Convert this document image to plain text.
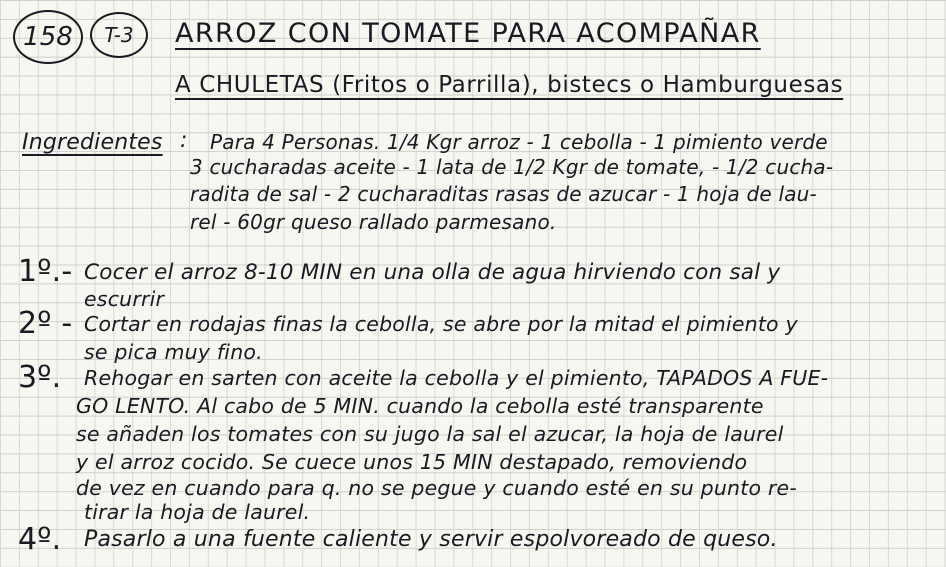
158 T-3 ARROZ CON TOMATE PARA ACOMPAÑAR
A CHULETAS (Fritos o Parrilla), bistecs o Hamburguesas
Ingredientes : Para 4 Personas. 1/4 Kgr arroz - 1 cebolla - 1 pimiento verde
3 cucharadas aceite - 1 lata de 1/2 Kgr de tomate, - 1/2 cucha-
radita de sal - 2 cucharaditas rasas de azucar - 1 hoja de lau-
rel - 60gr queso rallado parmesano.
1º.- Cocer el arroz 8-10 MIN en una olla de agua hirviendo con sal y
escurrir
2º - Cortar en rodajas finas la cebolla, se abre por la mitad el pimiento y
se pica muy fino.
3º. Rehogar en sarten con aceite la cebolla y el pimiento, TAPADOS A FUE-
GO LENTO. Al cabo de 5 MIN. cuando la cebolla esté transparente
se añaden los tomates con su jugo la sal el azucar, la hoja de laurel
y el arroz cocido. Se cuece unos 15 MIN destapado, removiendo
de vez en cuando para q. no se pegue y cuando esté en su punto re-
tirar la hoja de laurel.
4º. Pasarlo a una fuente caliente y servir espolvoreado de queso.
